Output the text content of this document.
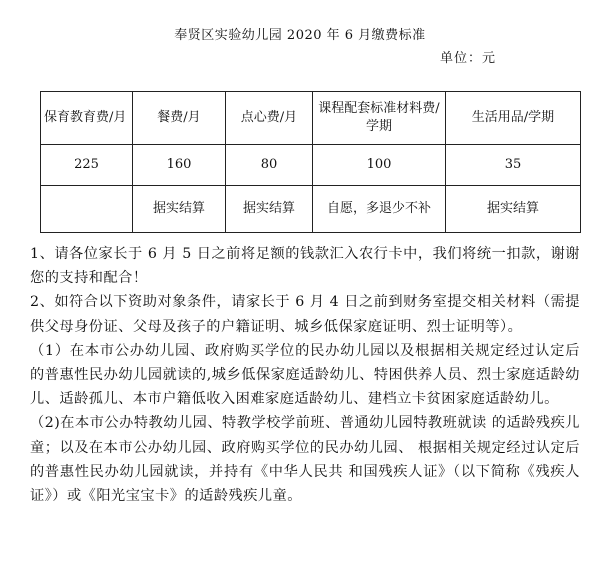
奉贤区实验幼儿园 2020 年 6 月缴费标准
单位：元
保育教育费/月	餐费/月	点心费/月	课程配套标准材料费/学期	生活用品/学期
225	160	80	100	35
	据实结算	据实结算	自愿，多退少不补	据实结算

1、请各位家长于 6 月 5 日之前将足额的钱款汇入农行卡中，我们将统一扣款，谢谢您的支持和配合！

2、如符合以下资助对象条件，请家长于 6 月 4 日之前到财务室提交相关材料（需提供父母身份证、父母及孩子的户籍证明、城乡低保家庭证明、烈士证明等）。

（1）在本市公办幼儿园、政府购买学位的民办幼儿园以及根据相关规定经过认定后的普惠性民办幼儿园就读的,城乡低保家庭适龄幼儿、特困供养人员、烈士家庭适龄幼儿、适龄孤儿、本市户籍低收入困难家庭适龄幼儿、建档立卡贫困家庭适龄幼儿。

（2)在本市公办特教幼儿园、特教学校学前班、普通幼儿园特教班就读 的适龄残疾儿童；以及在本市公办幼儿园、政府购买学位的民办幼儿园、 根据相关规定经过认定后的普惠性民办幼儿园就读，并持有《中华人民共 和国残疾人证》（以下简称《残疾人证》）或《阳光宝宝卡》的适龄残疾儿童。
